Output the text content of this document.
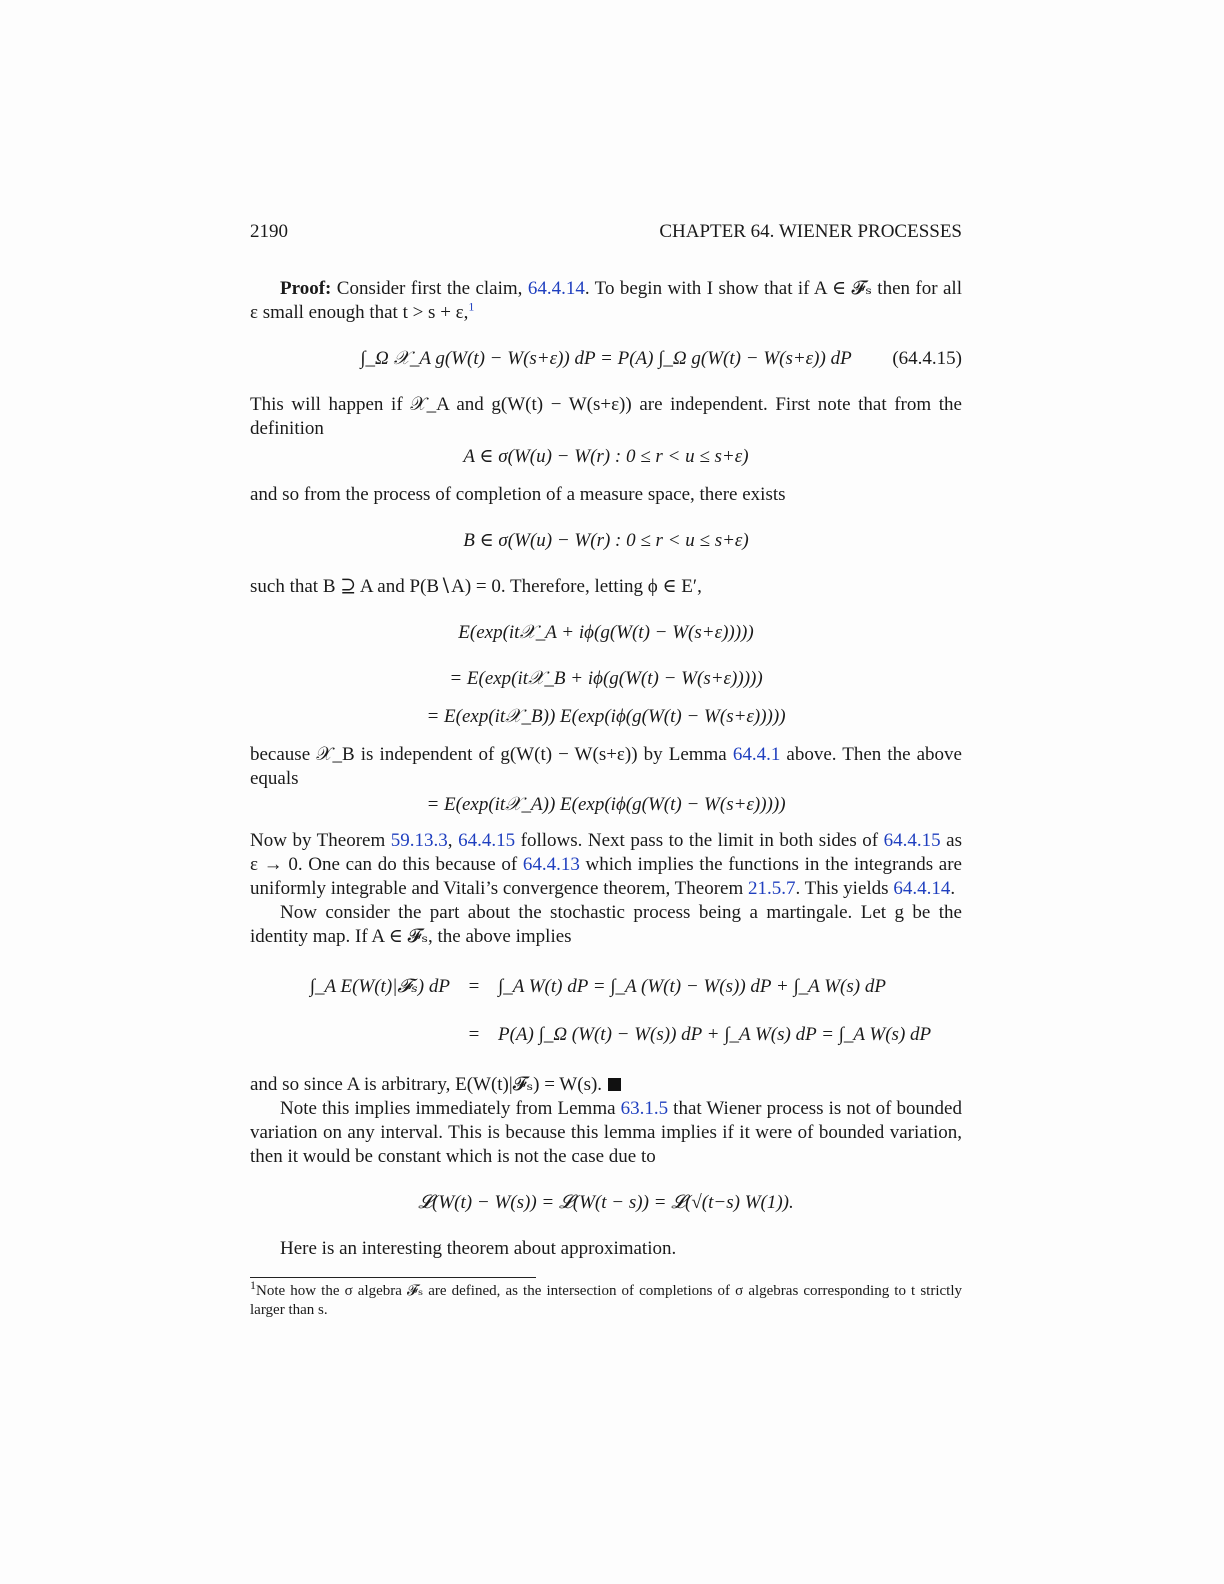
2190	CHAPTER 64. WIENER PROCESSES

Proof: Consider first the claim, 64.4.14. To begin with I show that if A ∈ 𝓕ₛ then for all ε small enough that t > s + ε,$^1$

∫_Ω 𝒳_A g(W(t) − W(s+ε)) dP = P(A) ∫_Ω g(W(t) − W(s+ε)) dP (64.4.15)

This will happen if 𝒳_A and g(W(t) − W(s+ε)) are independent. First note that from the definition

A ∈ σ(W(u) − W(r) : 0 ≤ r < u ≤ s+ε)

and so from the process of completion of a measure space, there exists

B ∈ σ(W(u) − W(r) : 0 ≤ r < u ≤ s+ε)

such that B ⊇ A and P(B∖A) = 0. Therefore, letting ϕ ∈ E′,

E(exp(it𝒳_A + iϕ(g(W(t) − W(s+ε)))))
= E(exp(it𝒳_B + iϕ(g(W(t) − W(s+ε)))))
= E(exp(it𝒳_B)) E(exp(iϕ(g(W(t) − W(s+ε)))))

because 𝒳_B is independent of g(W(t) − W(s+ε)) by Lemma 64.4.1 above. Then the above equals

= E(exp(it𝒳_A)) E(exp(iϕ(g(W(t) − W(s+ε)))))

Now by Theorem 59.13.3, 64.4.15 follows. Next pass to the limit in both sides of 64.4.15 as ε → 0. One can do this because of 64.4.13 which implies the functions in the integrands are uniformly integrable and Vitali’s convergence theorem, Theorem 21.5.7. This yields 64.4.14.

Now consider the part about the stochastic process being a martingale. Let g be the identity map. If A ∈ 𝓕ₛ, the above implies

∫_A E(W(t)|𝓕ₛ) dP = ∫_A W(t) dP = ∫_A (W(t) − W(s)) dP + ∫_A W(s) dP
= P(A) ∫_Ω (W(t) − W(s)) dP + ∫_A W(s) dP = ∫_A W(s) dP

and so since A is arbitrary, E(W(t)|𝓕ₛ) = W(s).

Note this implies immediately from Lemma 63.1.5 that Wiener process is not of bounded variation on any interval. This is because this lemma implies if it were of bounded variation, then it would be constant which is not the case due to

𝓛(W(t) − W(s)) = 𝓛(W(t − s)) = 𝓛(√(t−s) W(1)).

Here is an interesting theorem about approximation.

$^1$Note how the σ algebra 𝓕ₛ are defined, as the intersection of completions of σ algebras corresponding to t strictly larger than s.
